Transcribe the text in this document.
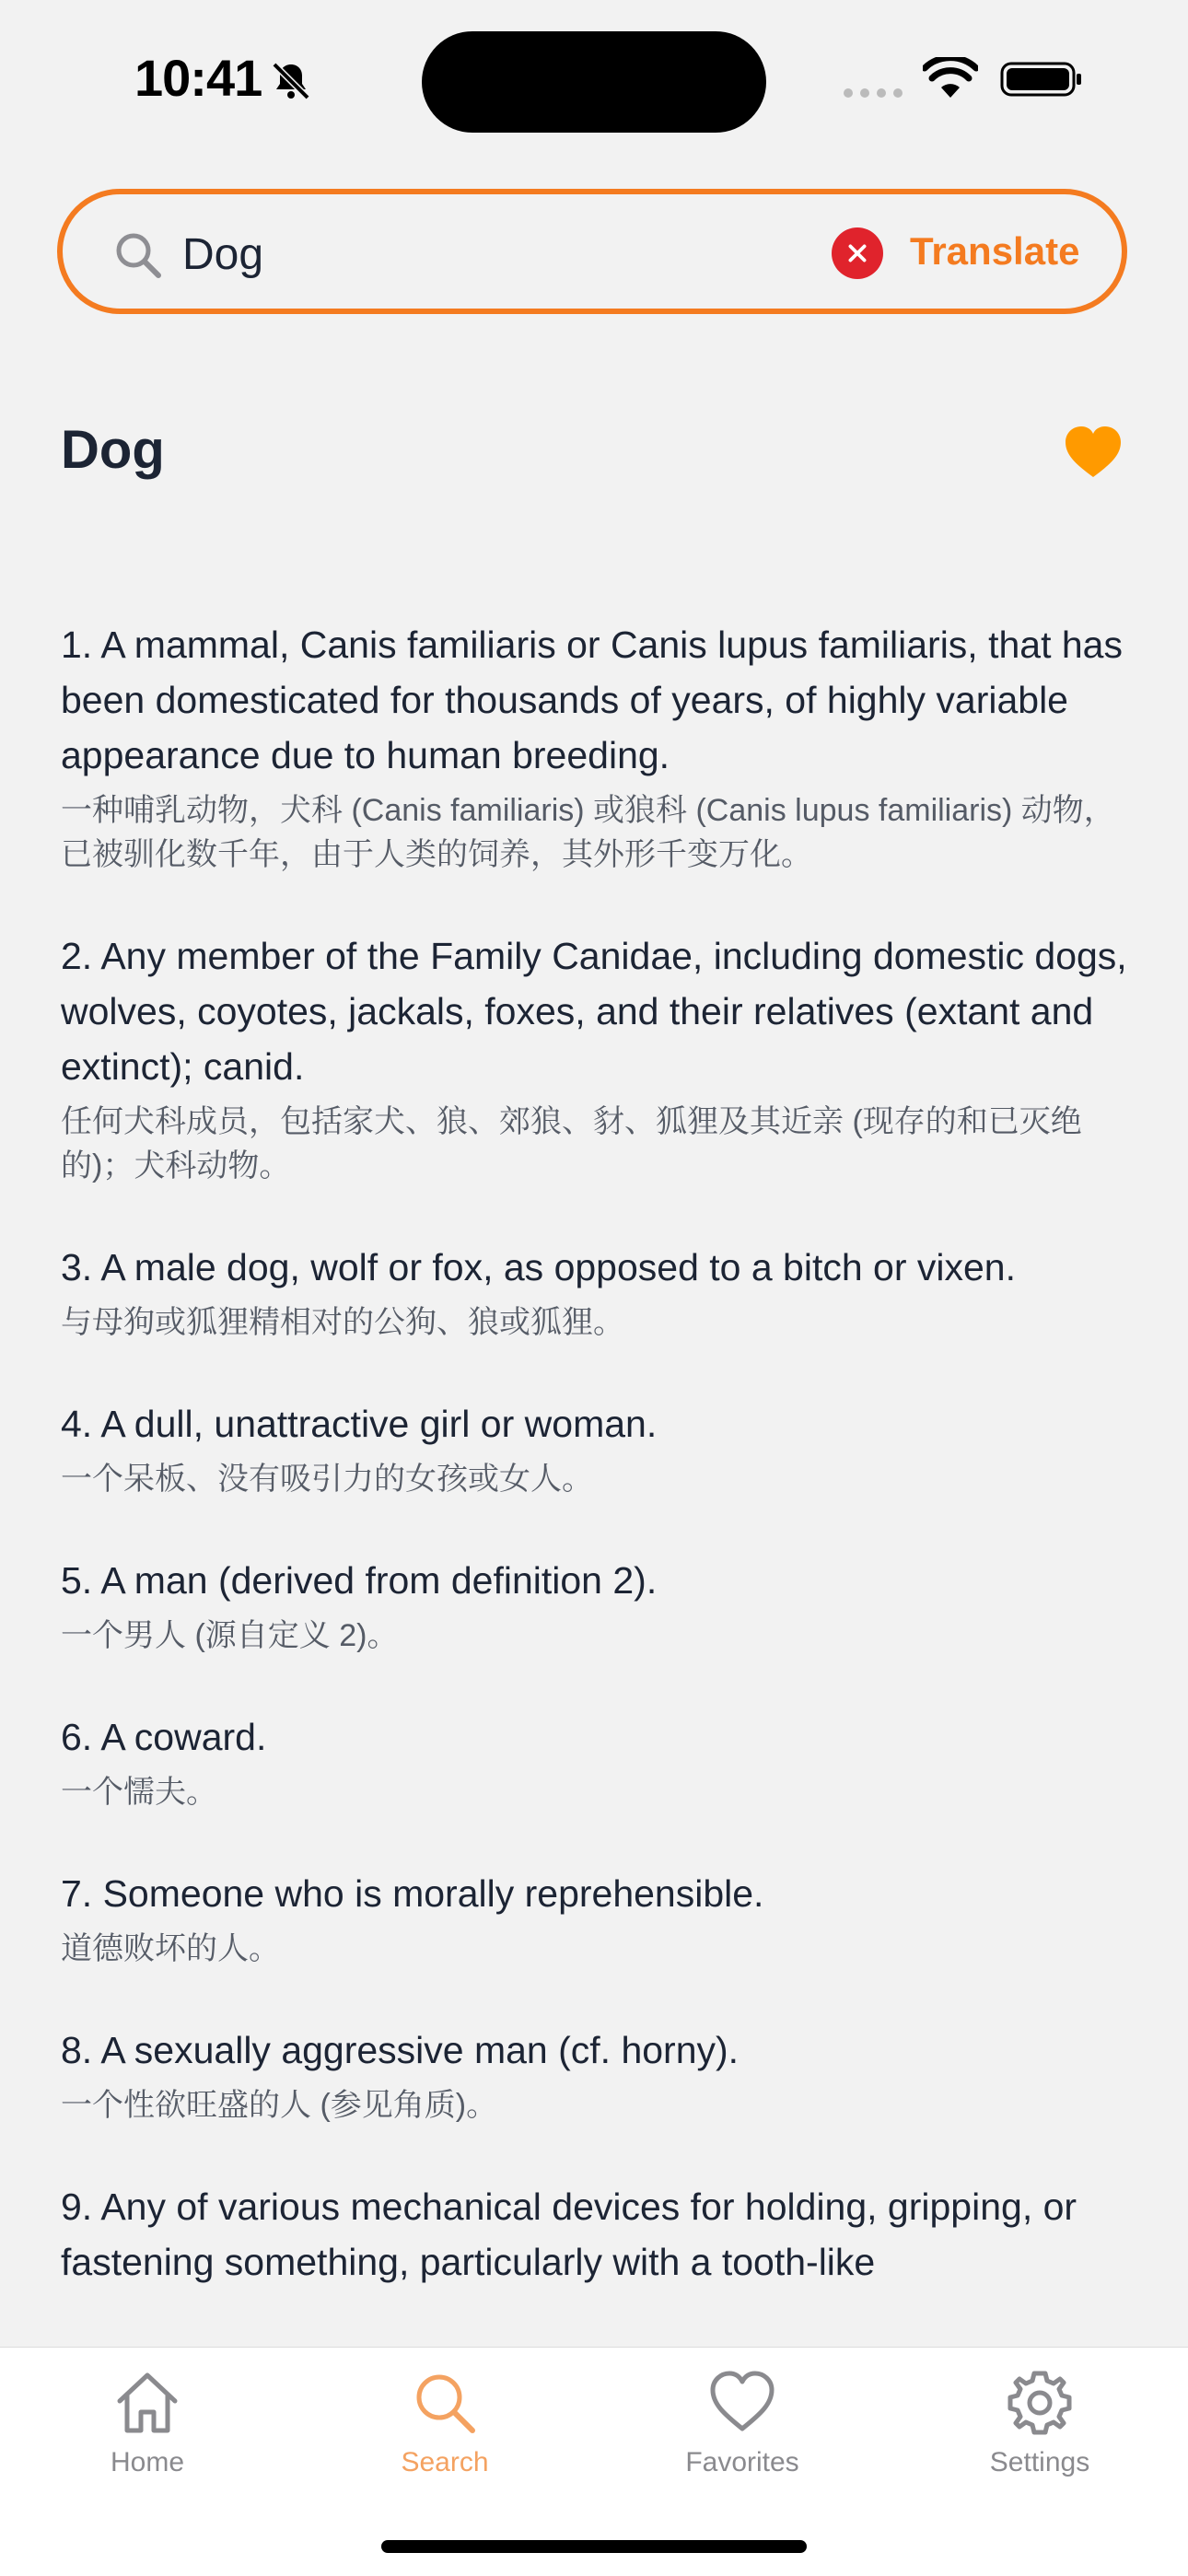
10:41
Dog
Translate
Dog
1. A mammal, Canis familiaris or Canis lupus familiaris, that has been domesticated for thousands of years, of highly variable appearance due to human breeding.
一种哺乳动物，犬科 (Canis familiaris) 或狼科 (Canis lupus familiaris) 动物，已被驯化数千年，由于人类的饲养，其外形千变万化。
2. Any member of the Family Canidae, including domestic dogs, wolves, coyotes, jackals, foxes, and their relatives (extant and extinct); canid.
任何犬科成员，包括家犬、狼、郊狼、豺、狐狸及其近亲 (现存的和已灭绝的)；犬科动物。
3. A male dog, wolf or fox, as opposed to a bitch or vixen.
与母狗或狐狸精相对的公狗、狼或狐狸。
4. A dull, unattractive girl or woman.
一个呆板、没有吸引力的女孩或女人。
5. A man (derived from definition 2).
一个男人 (源自定义 2)。
6. A coward.
一个懦夫。
7. Someone who is morally reprehensible.
道德败坏的人。
8. A sexually aggressive man (cf. horny).
一个性欲旺盛的人 (参见角质)。
9. Any of various mechanical devices for holding, gripping, or fastening something, particularly with a tooth-like
Home	Search	Favorites	Settings
